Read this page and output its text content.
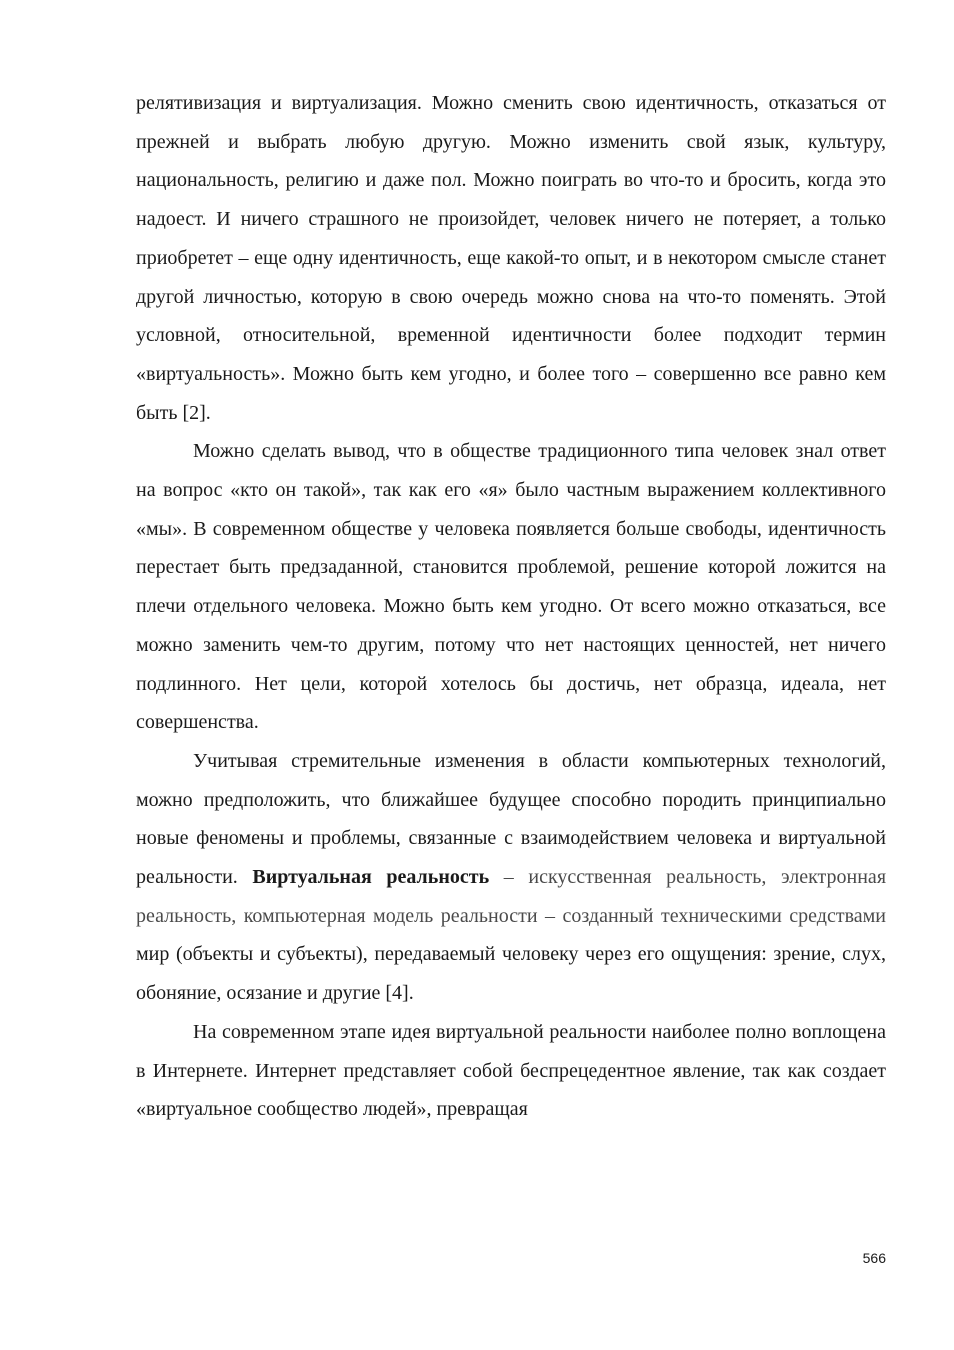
релятивизация и виртуализация. Можно сменить свою идентичность, отказаться от прежней и выбрать любую другую. Можно изменить свой язык, культуру, национальность, религию и даже пол. Можно поиграть во что-то и бросить, когда это надоест. И ничего страшного не произойдет, человек ничего не потеряет, а только приобретет – еще одну идентичность, еще какой-то опыт, и в некотором смысле станет другой личностью, которую в свою очередь можно снова на что-то поменять. Этой условной, относительной, временной идентичности более подходит термин «виртуальность». Можно быть кем угодно, и более того – совершенно все равно кем быть [2].

Можно сделать вывод, что в обществе традиционного типа человек знал ответ на вопрос «кто он такой», так как его «я» было частным выражением коллективного «мы». В современном обществе у человека появляется больше свободы, идентичность перестает быть предзаданной, становится проблемой, решение которой ложится на плечи отдельного человека. Можно быть кем угодно. От всего можно отказаться, все можно заменить чем-то другим, потому что нет настоящих ценностей, нет ничего подлинного. Нет цели, которой хотелось бы достичь, нет образца, идеала, нет совершенства.

Учитывая стремительные изменения в области компьютерных технологий, можно предположить, что ближайшее будущее способно породить принципиально новые феномены и проблемы, связанные с взаимодействием человека и виртуальной реальности. Виртуальная реальность – искусственная реальность, электронная реальность, компьютерная модель реальности – созданный техническими средствами мир (объекты и субъекты), передаваемый человеку через его ощущения: зрение, слух, обоняние, осязание и другие [4].

На современном этапе идея виртуальной реальности наиболее полно воплощена в Интернете. Интернет представляет собой беспрецедентное явление, так как создает «виртуальное сообщество людей», превращая

566
